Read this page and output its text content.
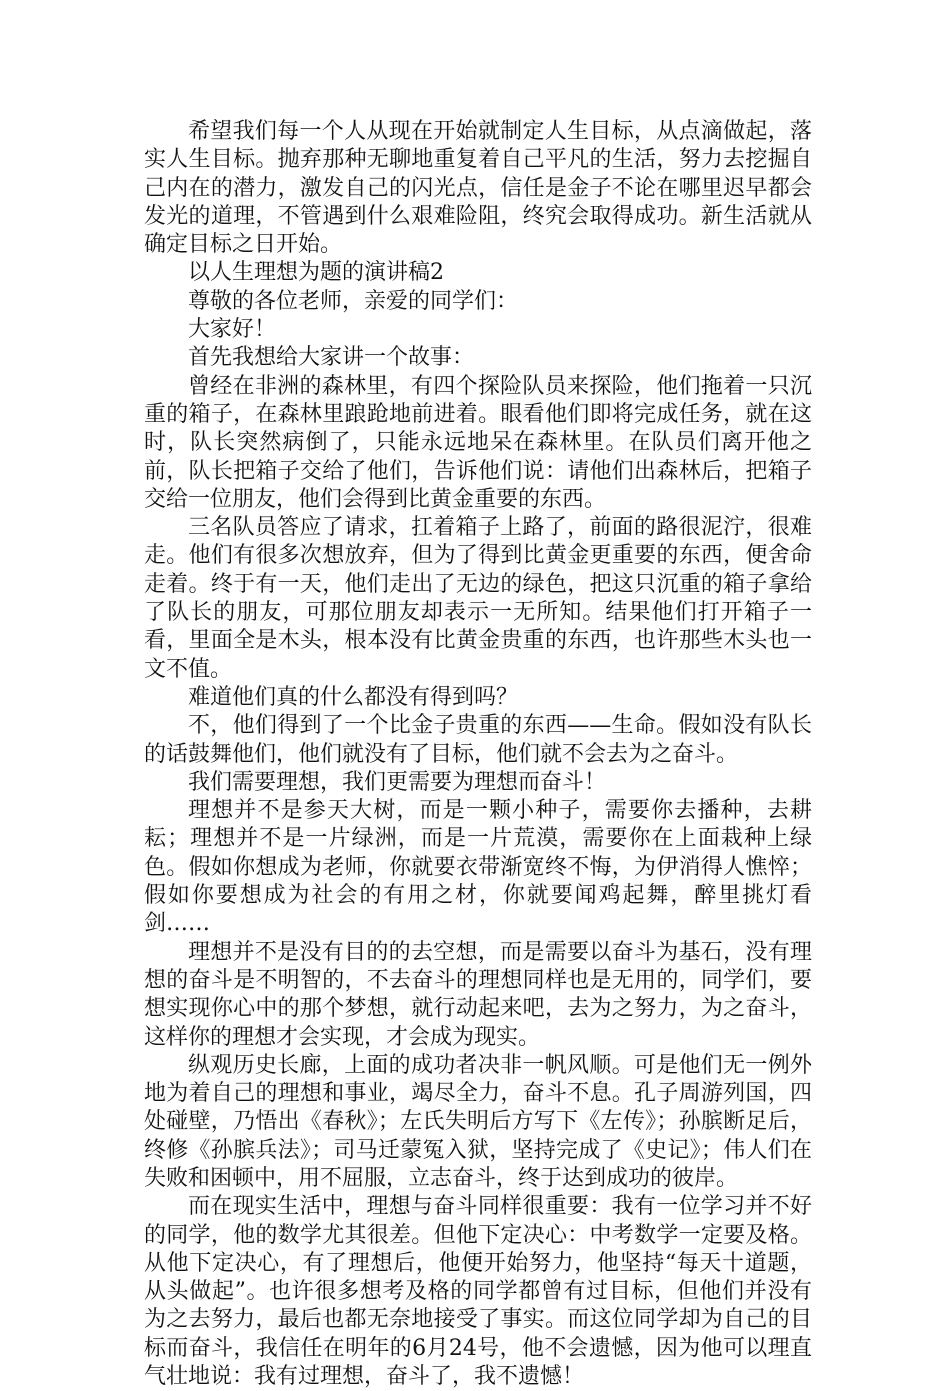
希望我们每一个人从现在开始就制定人生目标，从点滴做起，落实人生目标。抛弃那种无聊地重复着自己平凡的生活，努力去挖掘自己内在的潜力，激发自己的闪光点，信任是金子不论在哪里迟早都会发光的道理，不管遇到什么艰难险阻，终究会取得成功。新生活就从确定目标之日开始。

以人生理想为题的演讲稿2

尊敬的各位老师，亲爱的同学们：

大家好！

首先我想给大家讲一个故事：

曾经在非洲的森林里，有四个探险队员来探险，他们拖着一只沉重的箱子，在森林里踉跄地前进着。眼看他们即将完成任务，就在这时，队长突然病倒了，只能永远地呆在森林里。在队员们离开他之前，队长把箱子交给了他们，告诉他们说：请他们出森林后，把箱子交给一位朋友，他们会得到比黄金重要的东西。

三名队员答应了请求，扛着箱子上路了，前面的路很泥泞，很难走。他们有很多次想放弃，但为了得到比黄金更重要的东西，便舍命走着。终于有一天，他们走出了无边的绿色，把这只沉重的箱子拿给了队长的朋友，可那位朋友却表示一无所知。结果他们打开箱子一看，里面全是木头，根本没有比黄金贵重的东西，也许那些木头也一文不值。

难道他们真的什么都没有得到吗？

不，他们得到了一个比金子贵重的东西——生命。假如没有队长的话鼓舞他们，他们就没有了目标，他们就不会去为之奋斗。

我们需要理想，我们更需要为理想而奋斗！

理想并不是参天大树，而是一颗小种子，需要你去播种，去耕耘；理想并不是一片绿洲，而是一片荒漠，需要你在上面栽种上绿色。假如你想成为老师，你就要衣带渐宽终不悔，为伊消得人憔悴；假如你要想成为社会的有用之材，你就要闻鸡起舞，醉里挑灯看剑……

理想并不是没有目的的去空想，而是需要以奋斗为基石，没有理想的奋斗是不明智的，不去奋斗的理想同样也是无用的，同学们，要想实现你心中的那个梦想，就行动起来吧，去为之努力，为之奋斗，这样你的理想才会实现，才会成为现实。

纵观历史长廊，上面的成功者决非一帆风顺。可是他们无一例外地为着自己的理想和事业，竭尽全力，奋斗不息。孔子周游列国，四处碰壁，乃悟出《春秋》；左氏失明后方写下《左传》；孙膑断足后，终修《孙膑兵法》；司马迁蒙冤入狱，坚持完成了《史记》；伟人们在失败和困顿中，用不屈服，立志奋斗，终于达到成功的彼岸。

而在现实生活中，理想与奋斗同样很重要：我有一位学习并不好的同学，他的数学尤其很差。但他下定决心：中考数学一定要及格。从他下定决心，有了理想后，他便开始努力，他坚持“每天十道题，从头做起”。也许很多想考及格的同学都曾有过目标，但他们并没有为之去努力，最后也都无奈地接受了事实。而这位同学却为自己的目标而奋斗，我信任在明年的6月24号，他不会遗憾，因为他可以理直气壮地说：我有过理想，奋斗了，我不遗憾！
